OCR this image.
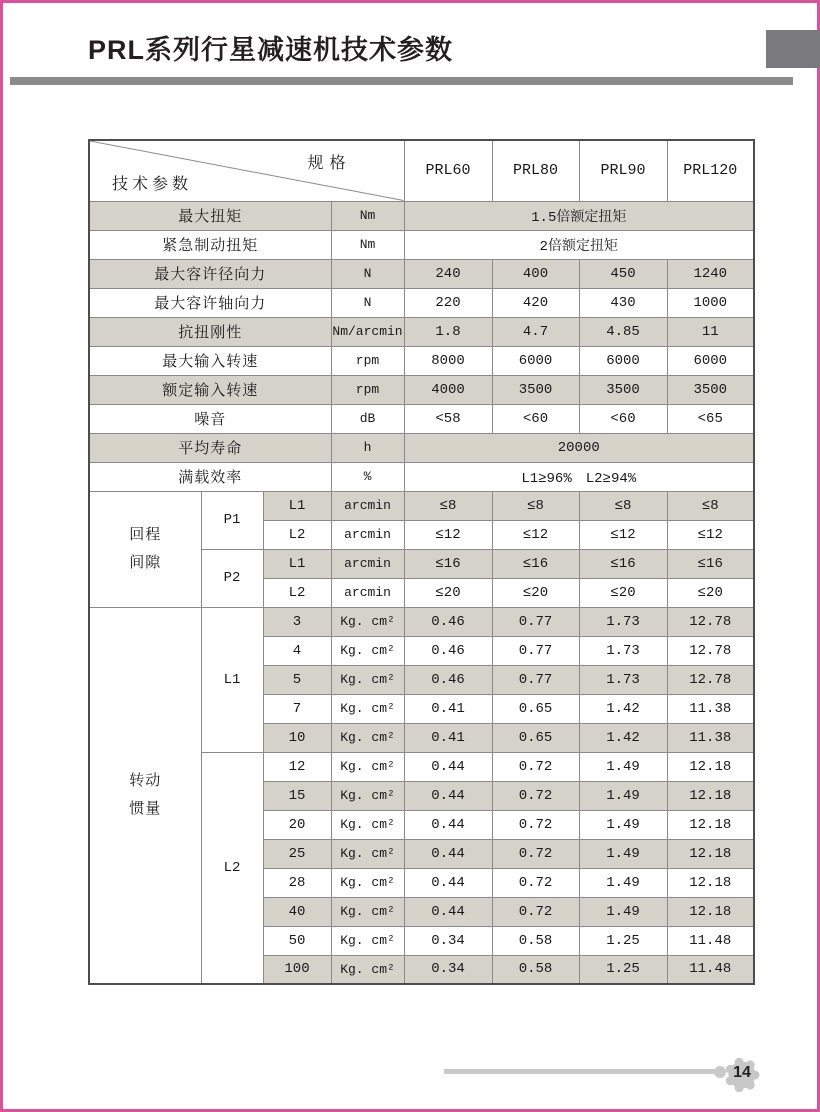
PRL系列行星减速机技术参数
规格
技术参数				PRL60	PRL80	PRL90	PRL120
最大扭矩			Nm	1.5倍额定扭矩			
紧急制动扭矩			Nm	2倍额定扭矩			
最大容许径向力			N	240	400	450	1240
最大容许轴向力			N	220	420	430	1000
抗扭刚性			Nm/arcmin	1.8	4.7	4.85	11
最大输入转速			rpm	8000	6000	6000	6000
额定输入转速			rpm	4000	3500	3500	3500
噪音			dB	<58	<60	<60	<65
平均寿命			h	20000			
满载效率			%	L1≥96%　L2≥94%			
回程间隙	P1	L1	arcmin	≤8	≤8	≤8	≤8
		L2	arcmin	≤12	≤12	≤12	≤12
	P2	L1	arcmin	≤16	≤16	≤16	≤16
		L2	arcmin	≤20	≤20	≤20	≤20
转动惯量	L1	3	Kg. cm²	0.46	0.77	1.73	12.78
		4	Kg. cm²	0.46	0.77	1.73	12.78
		5	Kg. cm²	0.46	0.77	1.73	12.78
		7	Kg. cm²	0.41	0.65	1.42	11.38
		10	Kg. cm²	0.41	0.65	1.42	11.38
	L2	12	Kg. cm²	0.44	0.72	1.49	12.18
		15	Kg. cm²	0.44	0.72	1.49	12.18
		20	Kg. cm²	0.44	0.72	1.49	12.18
		25	Kg. cm²	0.44	0.72	1.49	12.18
		28	Kg. cm²	0.44	0.72	1.49	12.18
		40	Kg. cm²	0.44	0.72	1.49	12.18
		50	Kg. cm²	0.34	0.58	1.25	11.48
		100	Kg. cm²	0.34	0.58	1.25	11.48
14
